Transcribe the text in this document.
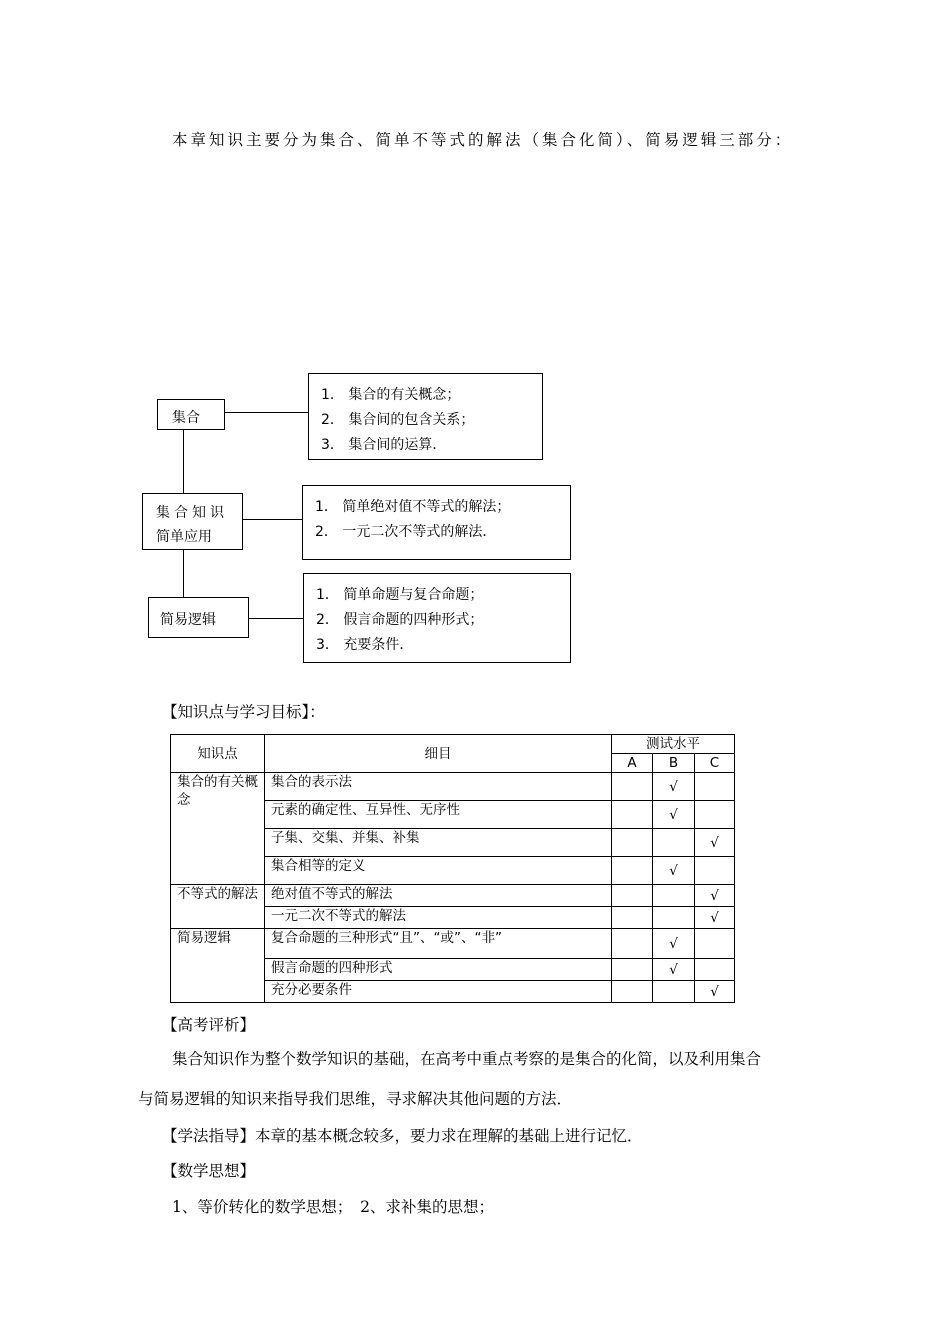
本章知识主要分为集合、简单不等式的解法（集合化简）、简易逻辑三部分：
集合
集合知识
简单应用
简易逻辑
1． 集合的有关概念；
2． 集合间的包含关系；
3． 集合间的运算．
1． 简单绝对值不等式的解法；
2． 一元二次不等式的解法．
1． 简单命题与复合命题；
2． 假言命题的四种形式；
3． 充要条件．
【知识点与学习目标】：
知识点	细目	测试水平		
		A	B	C
集合的有关概念	集合的表示法		√	
	元素的确定性、互异性、无序性		√	
	子集、交集、并集、补集			√
	集合相等的定义		√	
不等式的解法	绝对值不等式的解法			√
	一元二次不等式的解法			√
简易逻辑	复合命题的三种形式“且”、“或”、“非”		√	
	假言命题的四种形式		√	
	充分必要条件			√
【高考评析】
集合知识作为整个数学知识的基础，在高考中重点考察的是集合的化简，以及利用集合
与简易逻辑的知识来指导我们思维，寻求解决其他问题的方法．
【学法指导】本章的基本概念较多，要力求在理解的基础上进行记忆．
【数学思想】
1、等价转化的数学思想；　2、求补集的思想；
